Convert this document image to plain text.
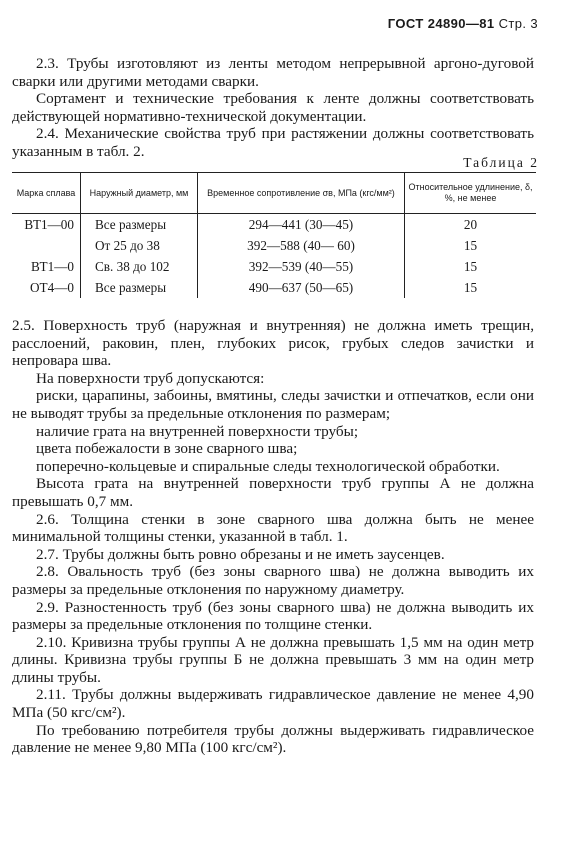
ГОСТ 24890—81 Стр. 3

2.3. Трубы изготовляют из ленты методом непрерывной аргоно-дуговой сварки или другими методами сварки.

Сортамент и технические требования к ленте должны соответствовать действующей нормативно-технической документации.

2.4. Механические свойства труб при растяжении должны соответствовать указанным в табл. 2.

Таблица 2
Марка сплава	Наружный диаметр, мм	Временное сопротивление σв, МПа (кгс/мм²)	Относительное удлинение, δ, %, не менее
ВТ1—00	Все размеры	294—441 (30—45)	20
	От 25 до 38	392—588 (40— 60)	15
ВТ1—0	Св. 38 до 102	392—539 (40—55)	15
ОТ4—0	Все размеры	490—637 (50—65)	15

2.5. Поверхность труб (наружная и внутренняя) не должна иметь трещин, расслоений, раковин, плен, глубоких рисок, грубых следов зачистки и непровара шва.

На поверхности труб допускаются:

риски, царапины, забоины, вмятины, следы зачистки и отпечатков, если они не выводят трубы за предельные отклонения по размерам;

наличие грата на внутренней поверхности трубы;

цвета побежалости в зоне сварного шва;

поперечно-кольцевые и спиральные следы технологической обработки.

Высота грата на внутренней поверхности труб группы А не должна превышать 0,7 мм.

2.6. Толщина стенки в зоне сварного шва должна быть не менее минимальной толщины стенки, указанной в табл. 1.

2.7. Трубы должны быть ровно обрезаны и не иметь заусенцев.

2.8. Овальность труб (без зоны сварного шва) не должна выводить их размеры за предельные отклонения по наружному диаметру.

2.9. Разностенность труб (без зоны сварного шва) не должна выводить их размеры за предельные отклонения по толщине стенки.

2.10. Кривизна трубы группы А не должна превышать 1,5 мм на один метр длины. Кривизна трубы группы Б не должна превышать 3 мм на один метр длины трубы.

2.11. Трубы должны выдерживать гидравлическое давление не менее 4,90 МПа (50 кгс/см²).

По требованию потребителя трубы должны выдерживать гидравлическое давление не менее 9,80 МПа (100 кгс/см²).
